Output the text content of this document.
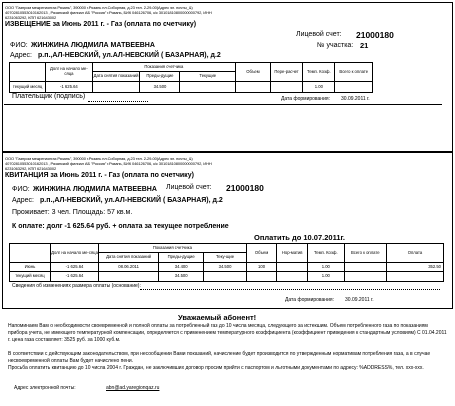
ООО "Газпром межрегионгаз Рязань", 390000 г.Рязань пл.Соборная, д.23 тел. 2-29-00(Адрес эл. почты_&)
40702810553010162013 , Рязанский филиал АБ "Россия" г.Рязань, БИК 046126706, к/с 30101810800000000792, ИНН
6231063292, КПП 621643002
ИЗВЕЩЕНИЕ за Июнь 2011 г. - Газ (оплата по счетчику)
Лицевой счет: 21000180
ФИО: ЖИНЖИНА ЛЮДМИЛА МАТВЕЕВНА	№ участка: 21
Адрес: р.п.,АЛ-НЕВСКИЙ, ул.АЛ-НЕВСКИЙ ( БАЗАРНАЯ), д.2
	Долг на начало ме-сяца	Показания счетчика			Объем	Пере-расчет	Темп. Коэф.	Всего к оплате
		Дата снятия показаний	Преды-дущие	Текущие				
текущий месяц	-1 625.64		34.500				1.00	
Плательщик (подпись)	Дата формирования: 30.09.2011 г.
ООО "Газпром межрегионгаз Рязань", 390000 г.Рязань пл.Соборная, д.23 тел. 2-29-00(Адрес эл. почты_&)
40702810553010162013 , Рязанский филиал АБ "Россия" г.Рязань, БИК 046126706, к/с 30101810800000000792, ИНН
6231063292, КПП 621643002
КВИТАНЦИЯ за Июнь 2011 г. - Газ (оплата по счетчику)
Лицевой счет: 21000180
ФИО: ЖИНЖИНА ЛЮДМИЛА МАТВЕЕВНА
Адрес: р.п.,АЛ-НЕВСКИЙ, ул.АЛ-НЕВСКИЙ ( БАЗАРНАЯ), д.2
Проживает: 3 чел. Площадь: 57 кв.м.
К оплате: долг -1 625.64 руб. + оплата за текущее потребление
Оплатить до 10.07.2011г.
	Долг на начало ме-сяца	Показания счетчика			Объем	Нор-матив	Темп. Коэф.	Всего к оплате	Оплата
		Дата снятия показаний	Преды-дущие	Теку-щие					
Июнь	-1 625.64	08.06.2011	34.400	34.500	100		1.00		352.50
текущий месяц	-1 625.64		34.500				1.00		
Сведения об изменениях размера оплаты (основание):
Дата формирования: 30.09.2011 г.
Уважаемый абонент!
Напоминаем Вам о необходимости своевременной и полной оплаты за потребленный газ до 10 числа месяца, следующего за истекшим. Объем потребленного газа по показаниям прибора учета, не имеющего температурной компенсации, определяется с применением температурного коэффициента (коэффициент приведения к стандартным условиям) С 01.04.2011 г. цена газа составляет: 3525 руб. за 1000 куб.м.
В соответствии с действующим законодательством, при несообщении Вами показаний, начисление будет производится по утвержденным нормативам потребления газа, а в случае несвоевременной оплаты Вам будет начислено пени.
Просьба оплатить квитанцию до 10 числа 2004 г. Граждан, не заключивших договор просим прийти с паспортом и льготными документами по адресу: %ADDRESS%, тел. ххх-ххх.
Адрес электронной почты:	abn@ad.yaregionqaz.ru
